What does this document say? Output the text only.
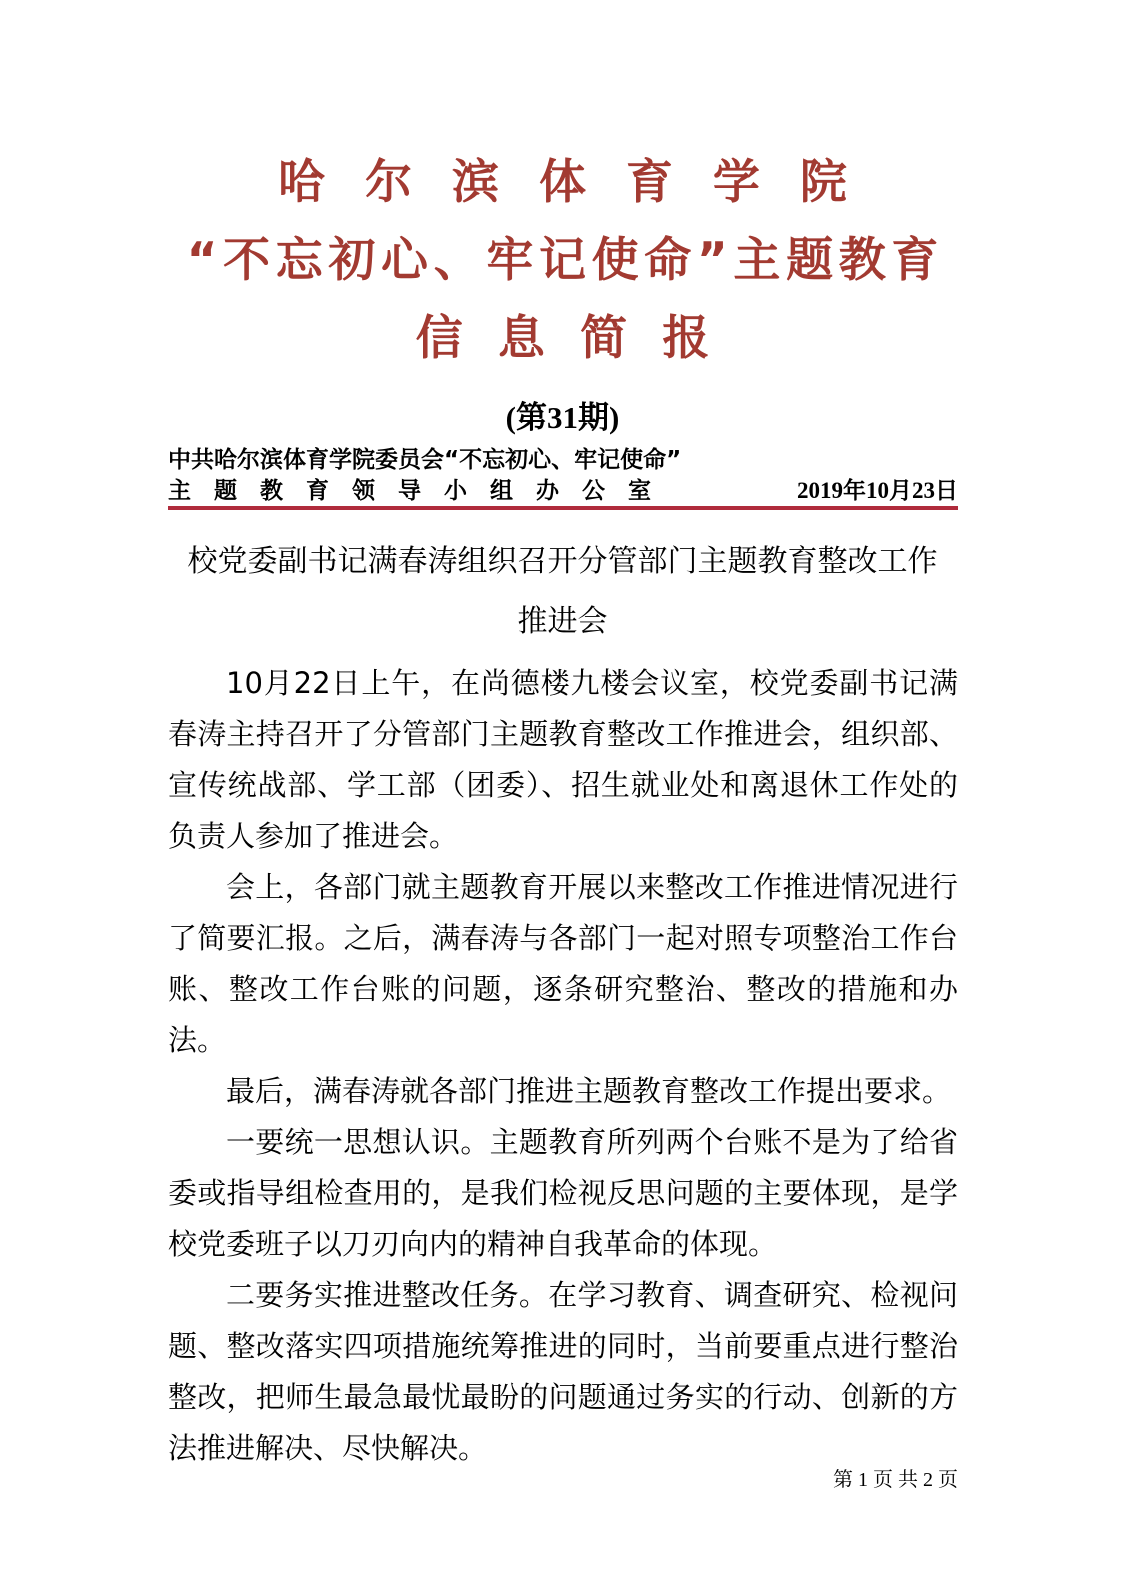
哈尔滨体育学院
“不忘初心、牢记使命”主题教育
信息简报
(第31期)
中共哈尔滨体育学院委员会“不忘初心、牢记使命”
主题教育领导小组办公室	2019年10月23日
校党委副书记满春涛组织召开分管部门主题教育整改工作推进会

10月22日上午，在尚德楼九楼会议室，校党委副书记满春涛主持召开了分管部门主题教育整改工作推进会，组织部、宣传统战部、学工部（团委）、招生就业处和离退休工作处的负责人参加了推进会。

会上，各部门就主题教育开展以来整改工作推进情况进行了简要汇报。之后，满春涛与各部门一起对照专项整治工作台账、整改工作台账的问题，逐条研究整治、整改的措施和办法。

最后，满春涛就各部门推进主题教育整改工作提出要求。

一要统一思想认识。主题教育所列两个台账不是为了给省委或指导组检查用的，是我们检视反思问题的主要体现，是学校党委班子以刀刃向内的精神自我革命的体现。

二要务实推进整改任务。在学习教育、调查研究、检视问题、整改落实四项措施统筹推进的同时，当前要重点进行整治整改，把师生最急最忧最盼的问题通过务实的行动、创新的方法推进解决、尽快解决。

第 1 页 共 2 页
